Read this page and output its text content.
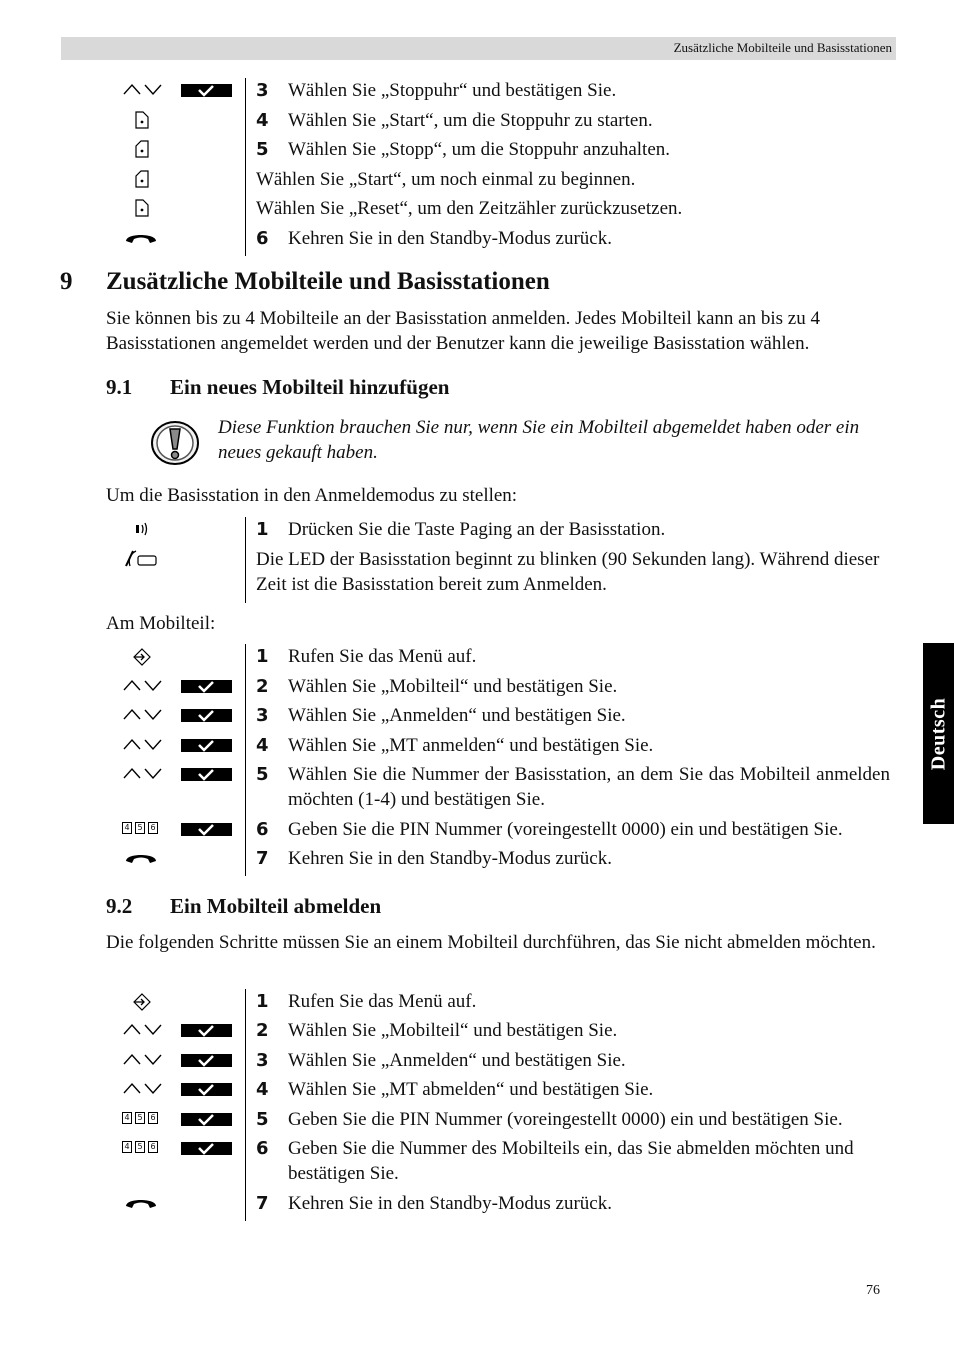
Zusätzliche Mobilteile und Basisstationen
Deutsch
3 Wählen Sie „Stoppuhr“ und bestätigen Sie.
4 Wählen Sie „Start“, um die Stoppuhr zu starten.
5 Wählen Sie „Stopp“, um die Stoppuhr anzuhalten.
Wählen Sie „Start“, um noch einmal zu beginnen.
Wählen Sie „Reset“, um den Zeitzähler zurückzusetzen.
6 Kehren Sie in den Standby-Modus zurück.
9 Zusätzliche Mobilteile und Basisstationen

Sie können bis zu 4 Mobilteile an der Basisstation anmelden. Jedes Mobilteil kann an bis zu 4 Basisstationen angemeldet werden und der Benutzer kann die jeweilige Basisstation wählen.

9.1 Ein neues Mobilteil hinzufügen

Diese Funktion brauchen Sie nur, wenn Sie ein Mobilteil abgemeldet haben oder ein neues gekauft haben.

Um die Basisstation in den Anmeldemodus zu stellen:

1 Drücken Sie die Taste Paging an der Basisstation.
Die LED der Basisstation beginnt zu blinken (90 Sekunden lang). Während dieser Zeit ist die Basisstation bereit zum Anmelden.

Am Mobilteil:

1 Rufen Sie das Menü auf.
2 Wählen Sie „Mobilteil“ und bestätigen Sie.
3 Wählen Sie „Anmelden“ und bestätigen Sie.
4 Wählen Sie „MT anmelden“ und bestätigen Sie.
5 Wählen Sie die Nummer der Basisstation, an dem Sie das Mobilteil anmelden möchten (1-4) und bestätigen Sie.
4 5 6	6 Geben Sie die PIN Nummer (voreingestellt 0000) ein und bestätigen Sie.
7 Kehren Sie in den Standby-Modus zurück.
9.2 Ein Mobilteil abmelden

Die folgenden Schritte müssen Sie an einem Mobilteil durchführen, das Sie nicht abmelden möchten.

1 Rufen Sie das Menü auf.
2 Wählen Sie „Mobilteil“ und bestätigen Sie.
3 Wählen Sie „Anmelden“ und bestätigen Sie.
4 Wählen Sie „MT abmelden“ und bestätigen Sie.
4 5 6	5 Geben Sie die PIN Nummer (voreingestellt 0000) ein und bestätigen Sie.
4 5 6	6 Geben Sie die Nummer des Mobilteils ein, das Sie abmelden möchten und bestätigen Sie.
7 Kehren Sie in den Standby-Modus zurück.
76
